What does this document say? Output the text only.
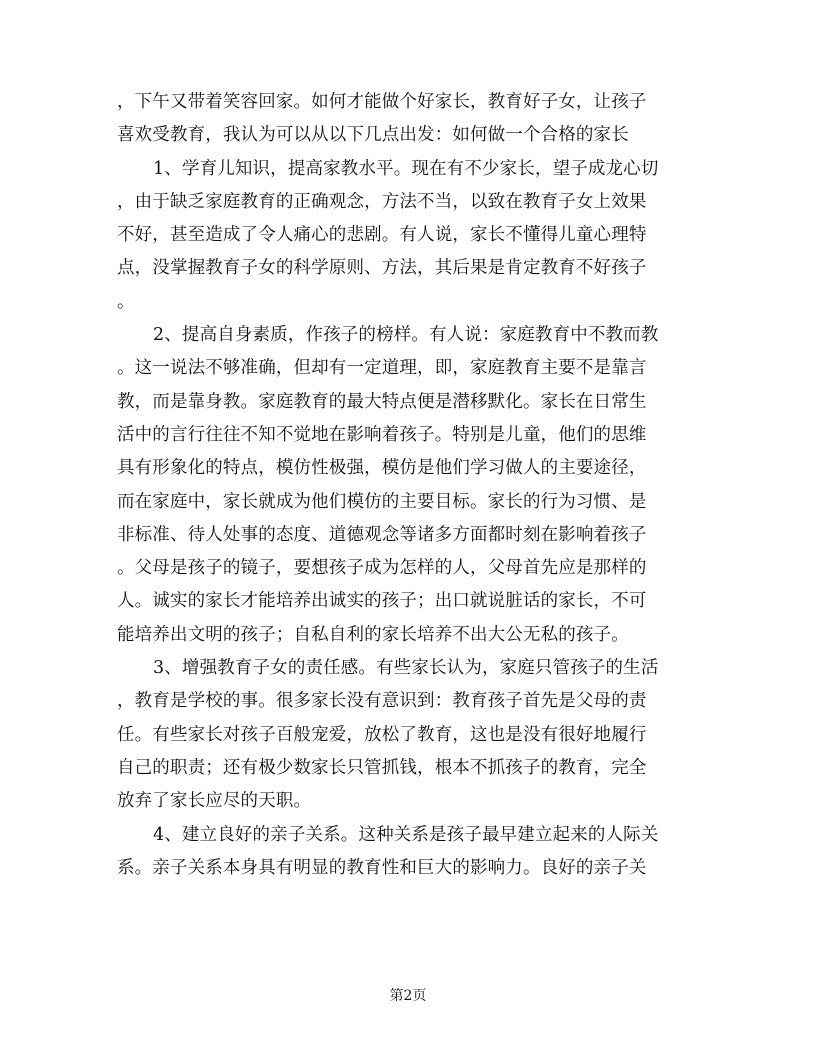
，下午又带着笑容回家。如何才能做个好家长，教育好子女，让孩子
喜欢受教育，我认为可以从以下几点出发：如何做一个合格的家长
1、学育儿知识，提高家教水平。现在有不少家长，望子成龙心切
，由于缺乏家庭教育的正确观念，方法不当，以致在教育子女上效果
不好，甚至造成了令人痛心的悲剧。有人说，家长不懂得儿童心理特
点，没掌握教育子女的科学原则、方法，其后果是肯定教育不好孩子
。
2、提高自身素质，作孩子的榜样。有人说：家庭教育中不教而教
。这一说法不够准确，但却有一定道理，即，家庭教育主要不是靠言
教，而是靠身教。家庭教育的最大特点便是潜移默化。家长在日常生
活中的言行往往不知不觉地在影响着孩子。特别是儿童，他们的思维
具有形象化的特点，模仿性极强，模仿是他们学习做人的主要途径，
而在家庭中，家长就成为他们模仿的主要目标。家长的行为习惯、是
非标准、待人处事的态度、道德观念等诸多方面都时刻在影响着孩子
。父母是孩子的镜子，要想孩子成为怎样的人，父母首先应是那样的
人。诚实的家长才能培养出诚实的孩子；出口就说脏话的家长，不可
能培养出文明的孩子；自私自利的家长培养不出大公无私的孩子。
3、增强教育子女的责任感。有些家长认为，家庭只管孩子的生活
，教育是学校的事。很多家长没有意识到：教育孩子首先是父母的责
任。有些家长对孩子百般宠爱，放松了教育，这也是没有很好地履行
自己的职责；还有极少数家长只管抓钱，根本不抓孩子的教育，完全
放弃了家长应尽的天职。
4、建立良好的亲子关系。这种关系是孩子最早建立起来的人际关
系。亲子关系本身具有明显的教育性和巨大的影响力。良好的亲子关
第2页
